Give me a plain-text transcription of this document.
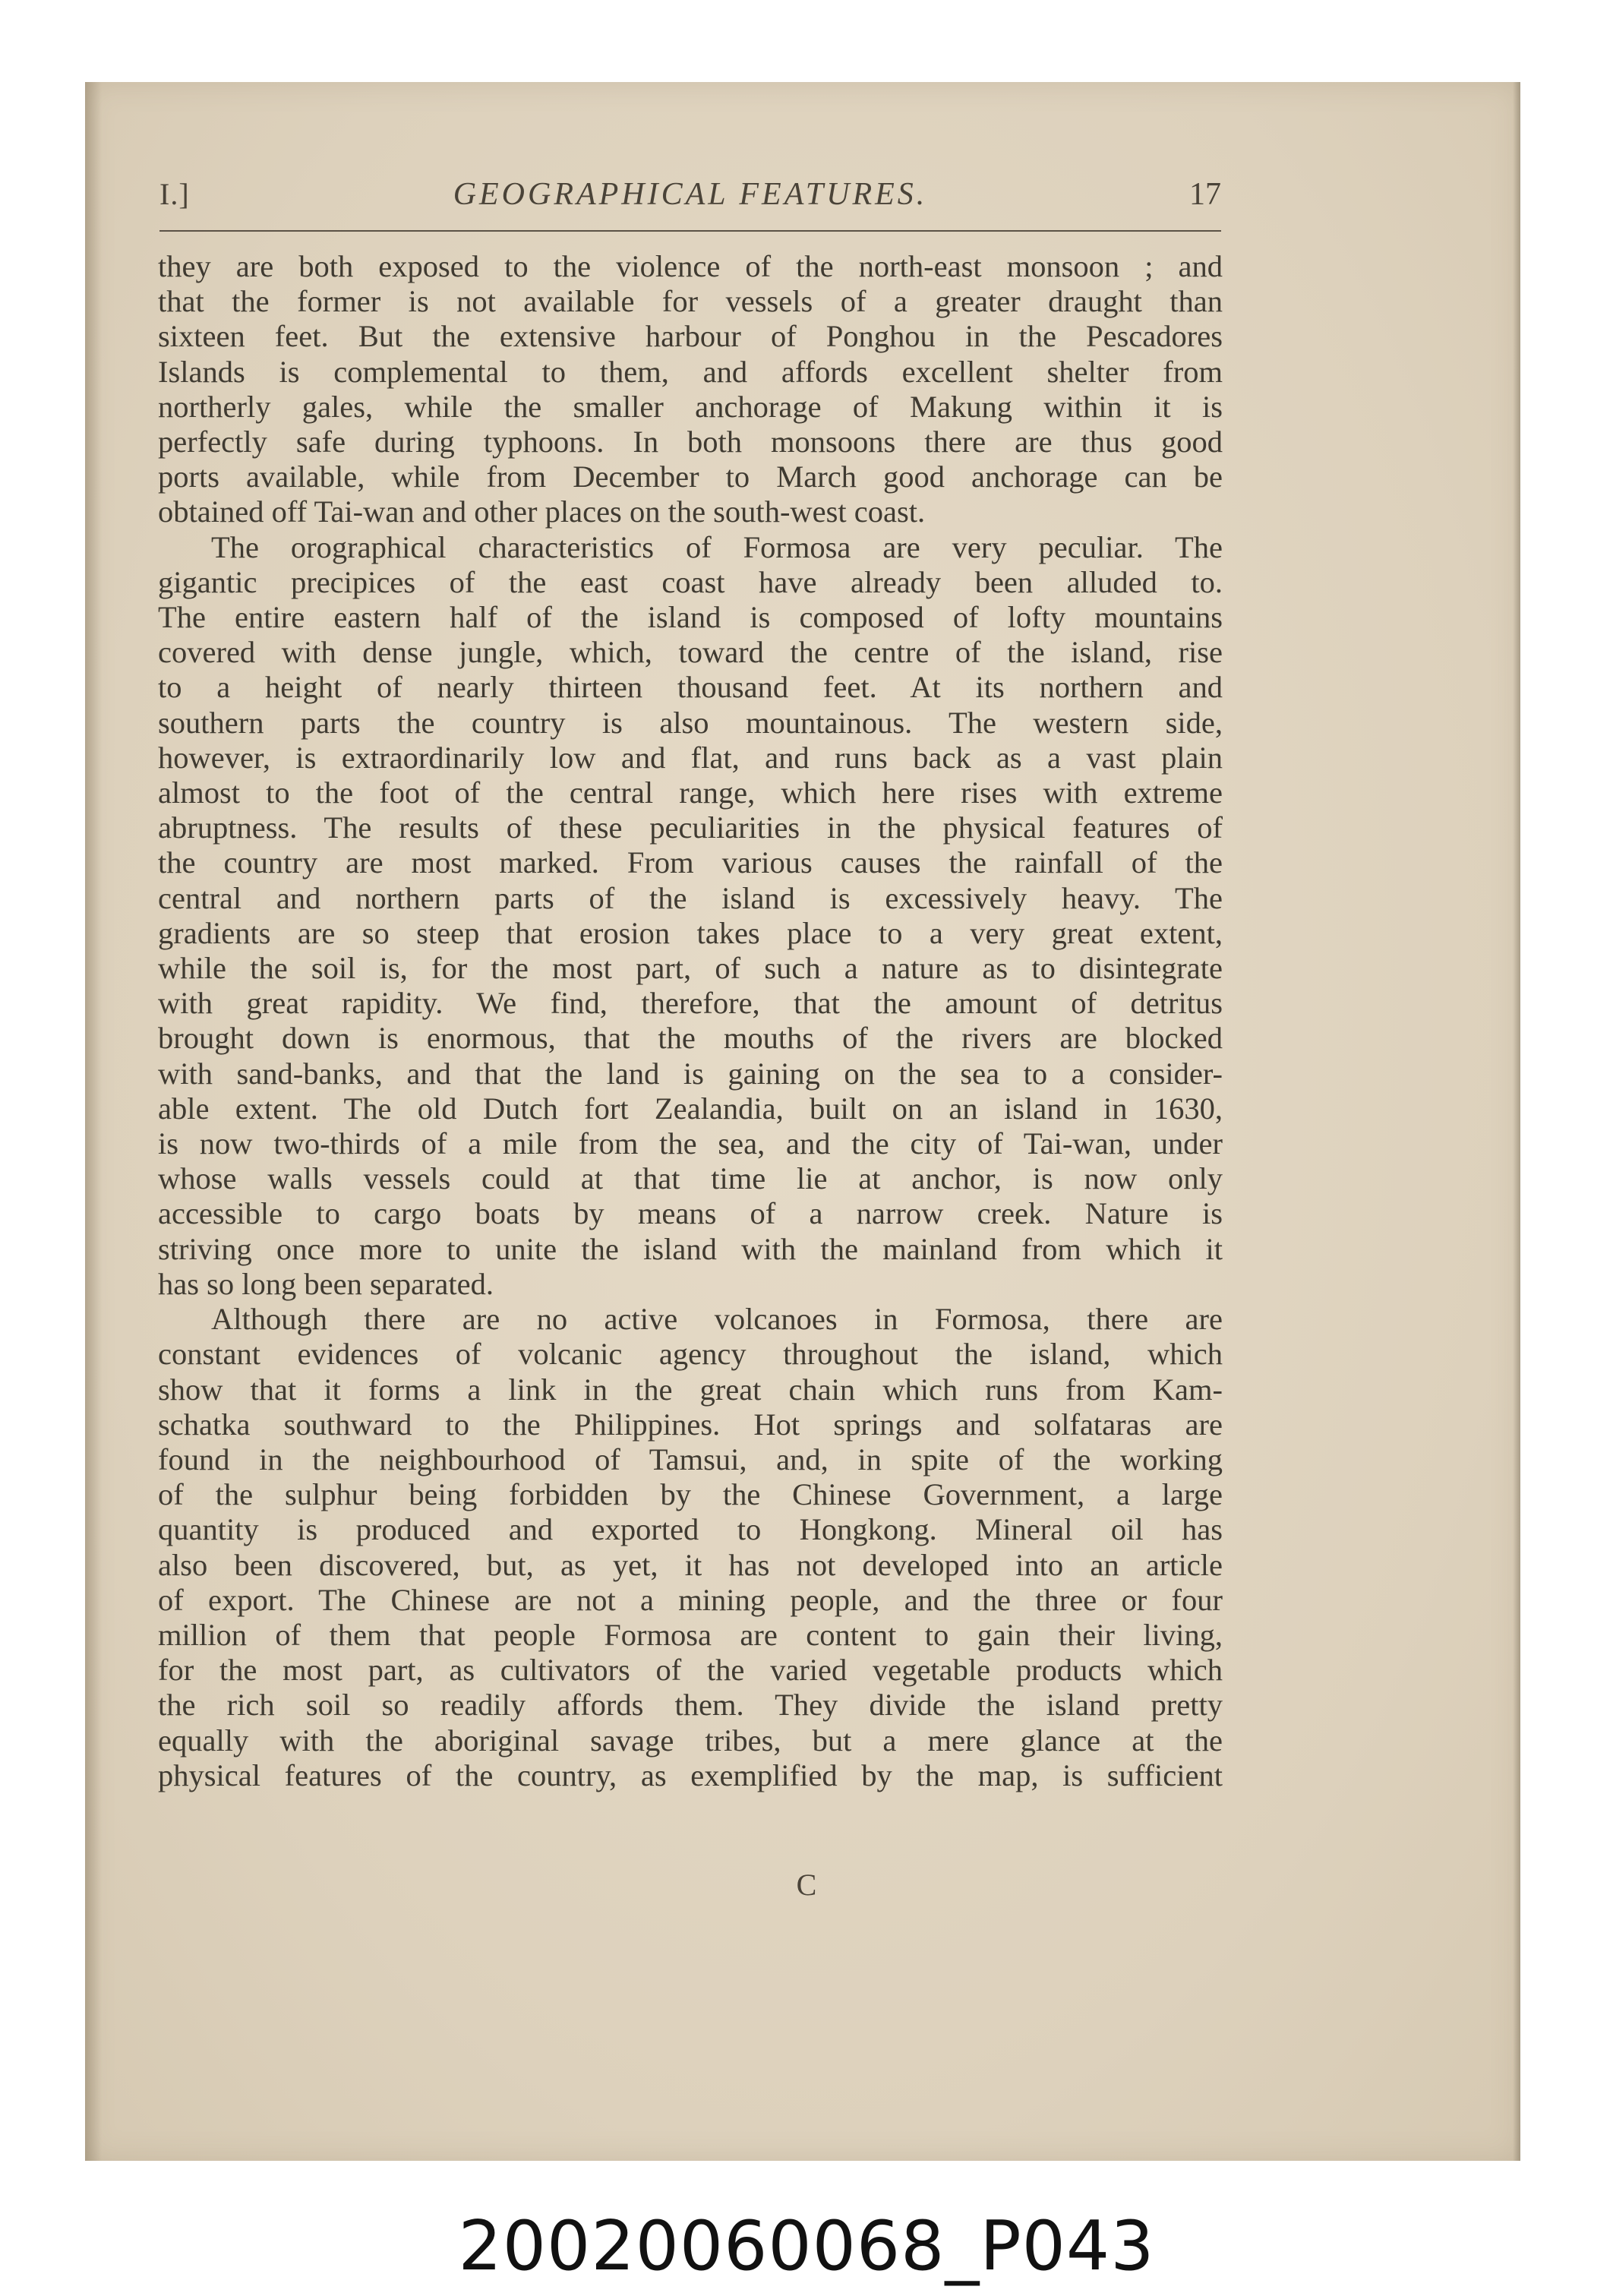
I.]	GEOGRAPHICAL FEATURES.	17
they are both exposed to the violence of the north-east monsoon ; and
that the former is not available for vessels of a greater draught than
sixteen feet. But the extensive harbour of Ponghou in the Pescadores
Islands is complemental to them, and affords excellent shelter from
northerly gales, while the smaller anchorage of Makung within it is
perfectly safe during typhoons. In both monsoons there are thus good
ports available, while from December to March good anchorage can be
obtained off Tai-wan and other places on the south-west coast.
The orographical characteristics of Formosa are very peculiar. The
gigantic precipices of the east coast have already been alluded to.
The entire eastern half of the island is composed of lofty mountains
covered with dense jungle, which, toward the centre of the island, rise
to a height of nearly thirteen thousand feet. At its northern and
southern parts the country is also mountainous. The western side,
however, is extraordinarily low and flat, and runs back as a vast plain
almost to the foot of the central range, which here rises with extreme
abruptness. The results of these peculiarities in the physical features of
the country are most marked. From various causes the rainfall of the
central and northern parts of the island is excessively heavy. The
gradients are so steep that erosion takes place to a very great extent,
while the soil is, for the most part, of such a nature as to disintegrate
with great rapidity. We find, therefore, that the amount of detritus
brought down is enormous, that the mouths of the rivers are blocked
with sand-banks, and that the land is gaining on the sea to a consider-
able extent. The old Dutch fort Zealandia, built on an island in 1630,
is now two-thirds of a mile from the sea, and the city of Tai-wan, under
whose walls vessels could at that time lie at anchor, is now only
accessible to cargo boats by means of a narrow creek. Nature is
striving once more to unite the island with the mainland from which it
has so long been separated.
Although there are no active volcanoes in Formosa, there are
constant evidences of volcanic agency throughout the island, which
show that it forms a link in the great chain which runs from Kam-
schatka southward to the Philippines. Hot springs and solfataras are
found in the neighbourhood of Tamsui, and, in spite of the working
of the sulphur being forbidden by the Chinese Government, a large
quantity is produced and exported to Hongkong. Mineral oil has
also been discovered, but, as yet, it has not developed into an article
of export. The Chinese are not a mining people, and the three or four
million of them that people Formosa are content to gain their living,
for the most part, as cultivators of the varied vegetable products which
the rich soil so readily affords them. They divide the island pretty
equally with the aboriginal savage tribes, but a mere glance at the
physical features of the country, as exemplified by the map, is sufficient
C
20020060068_P043
